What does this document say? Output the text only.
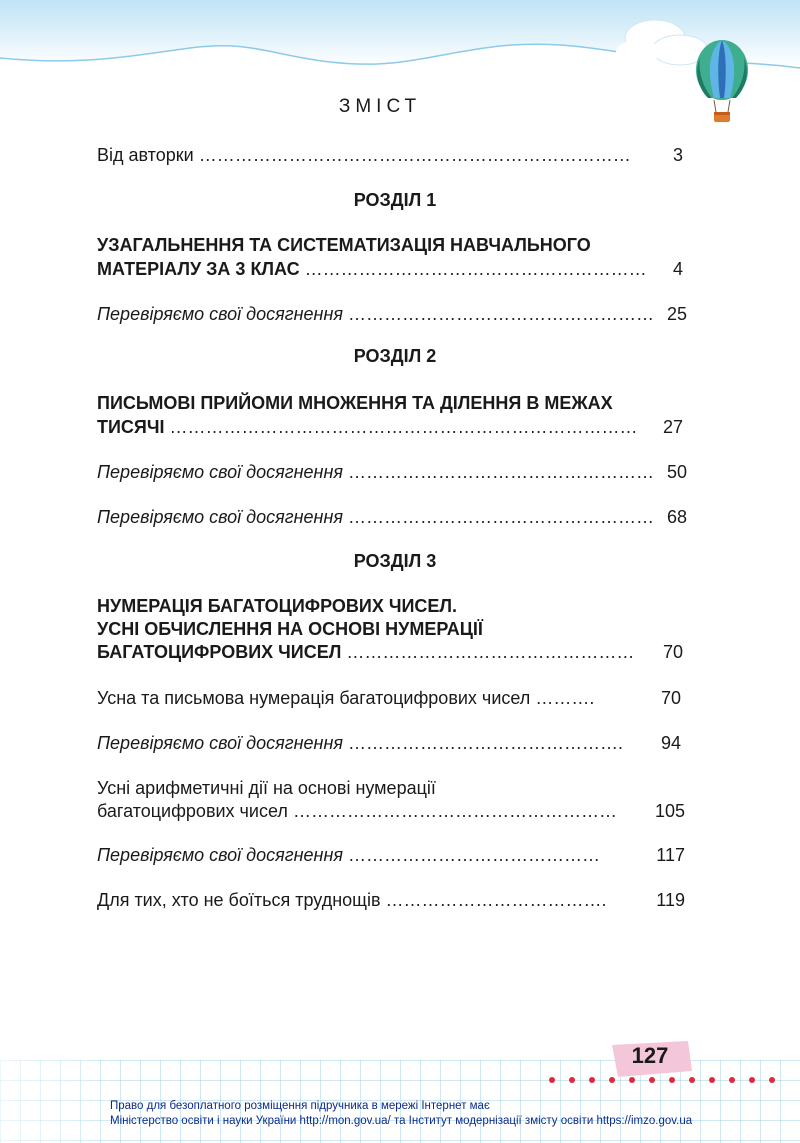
ЗМІСТ
Від авторки ……………………………………………………………… 3
РОЗДІЛ 1
УЗАГАЛЬНЕННЯ ТА СИСТЕМАТИЗАЦІЯ НАВЧАЛЬНОГО
МАТЕРІАЛУ ЗА 3 КЛАС ………………………………………………… 4
Перевіряємо свої досягнення …………………………………………… 25
РОЗДІЛ 2
ПИСЬМОВІ ПРИЙОМИ МНОЖЕННЯ ТА ДІЛЕННЯ В МЕЖАХ
ТИСЯЧІ …………………………………………………………………… 27
Перевіряємо свої досягнення …………………………………………… 50
Перевіряємо свої досягнення …………………………………………… 68
РОЗДІЛ 3
НУМЕРАЦІЯ БАГАТОЦИФРОВИХ ЧИСЕЛ.
УСНІ ОБЧИСЛЕННЯ НА ОСНОВІ НУМЕРАЦІЇ
БАГАТОЦИФРОВИХ ЧИСЕЛ ………………………………………… 70
Усна та письмова нумерація багатоцифрових чисел ……….	70
Перевіряємо свої досягнення ………………………………………. 94
Усні арифметичні дії на основі нумерації
багатоцифрових чисел ……………………………………………… 105
Перевіряємо свої досягнення ……………………………………	117
Для тих, хто не боїться труднощів ……………………………….	119
127
Право для безоплатного розміщення підручника в мережі Інтернет має
Міністерство освіти і науки України http://mon.gov.ua/ та Інститут модернізації змісту освіти https://imzo.gov.ua
